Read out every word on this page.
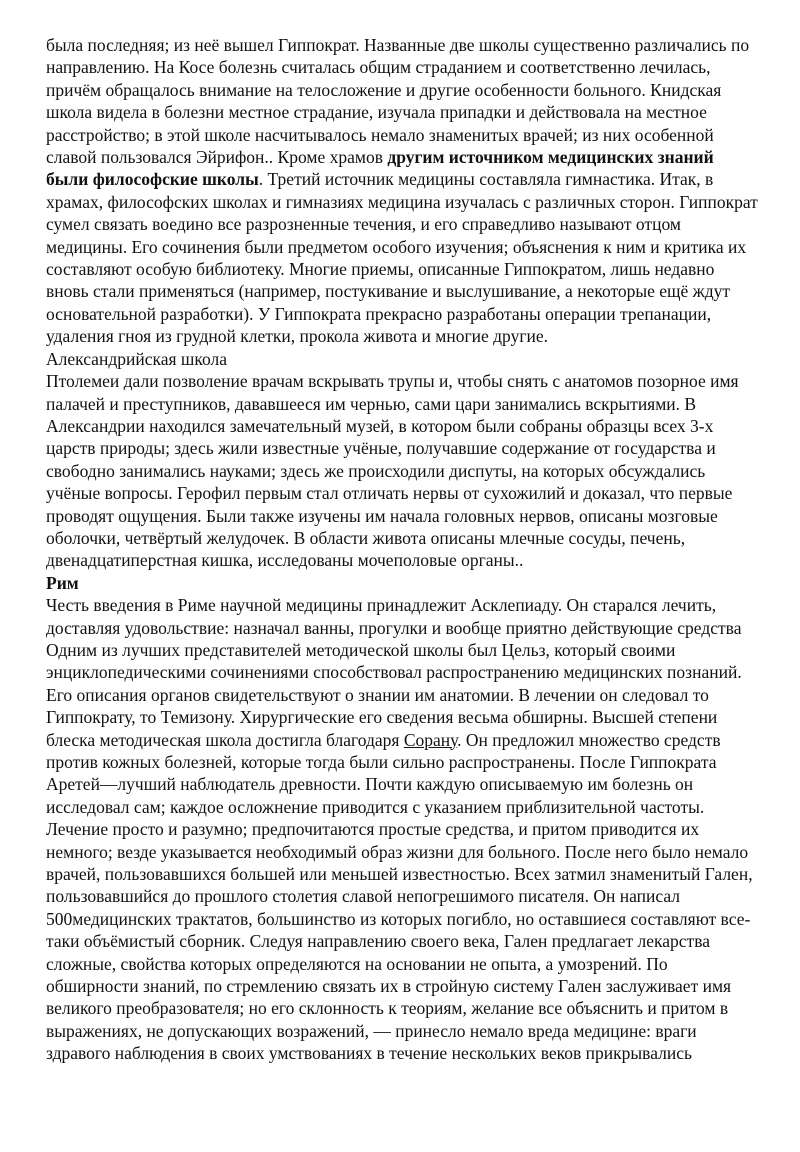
была последняя; из неё вышел Гиппократ. Названные две школы существенно различались по направлению. На Косе болезнь считалась общим страданием и соответственно лечилась, причём обращалось внимание на телосложение и другие особенности больного. Книдская школа видела в болезни местное страдание, изучала припадки и действовала на местное расстройство; в этой школе насчитывалось немало знаменитых врачей; из них особенной славой пользовался Эйрифон.. Кроме храмов другим источником медицинских знаний были философские школы. Третий источник медицины составляла гимнастика. Итак, в храмах, философских школах и гимназиях медицина изучалась с различных сторон. Гиппократ сумел связать воедино все разрозненные течения, и его справедливо называют отцом медицины. Его сочинения были предметом особого изучения; объяснения к ним и критика их составляют особую библиотеку. Многие приемы, описанные Гиппократом, лишь недавно вновь стали применяться (например, постукивание и выслушивание, а некоторые ещё ждут основательной разработки). У Гиппократа прекрасно разработаны операции трепанации, удаления гноя из грудной клетки, прокола живота и многие другие.

Александрийская школа

Птолемеи дали позволение врачам вскрывать трупы и, чтобы снять с анатомов позорное имя палачей и преступников, дававшееся им чернью, сами цари занимались вскрытиями. В Александрии находился замечательный музей, в котором были собраны образцы всех 3-х царств природы; здесь жили известные учёные, получавшие содержание от государства и свободно занимались науками; здесь же происходили диспуты, на которых обсуждались учёные вопросы. Герофил первым стал отличать нервы от сухожилий и доказал, что первые проводят ощущения. Были также изучены им начала головных нервов, описаны мозговые оболочки, четвёртый желудочек. В области живота описаны млечные сосуды, печень, двенадцатиперстная кишка, исследованы мочеполовые органы..

Рим

Честь введения в Риме научной медицины принадлежит Асклепиаду. Он старался лечить, доставляя удовольствие: назначал ванны, прогулки и вообще приятно действующие средства Одним из лучших представителей методической школы был Цельз, который своими энциклопедическими сочинениями способствовал распространению медицинских познаний. Его описания органов свидетельствуют о знании им анатомии. В лечении он следовал то Гиппократу, то Темизону. Хирургические его сведения весьма обширны. Высшей степени блеска методическая школа достигла благодаря Сорану. Он предложил множество средств против кожных болезней, которые тогда были сильно распространены. После Гиппократа Аретей—лучший наблюдатель древности. Почти каждую описываемую им болезнь он исследовал сам; каждое осложнение приводится с указанием приблизительной частоты. Лечение просто и разумно; предпочитаются простые средства, и притом приводится их немного; везде указывается необходимый образ жизни для больного. После него было немало врачей, пользовавшихся большей или меньшей известностью. Всех затмил знаменитый Гален, пользовавшийся до прошлого столетия славой непогрешимого писателя. Он написал 500медицинских трактатов, большинство из которых погибло, но оставшиеся составляют все-таки объёмистый сборник. Следуя направлению своего века, Гален предлагает лекарства сложные, свойства которых определяются на основании не опыта, а умозрений. По обширности знаний, по стремлению связать их в стройную систему Гален заслуживает имя великого преобразователя; но его склонность к теориям, желание все объяснить и притом в выражениях, не допускающих возражений, — принесло немало вреда медицине: враги здравого наблюдения в своих умствованиях в течение нескольких веков прикрывались
